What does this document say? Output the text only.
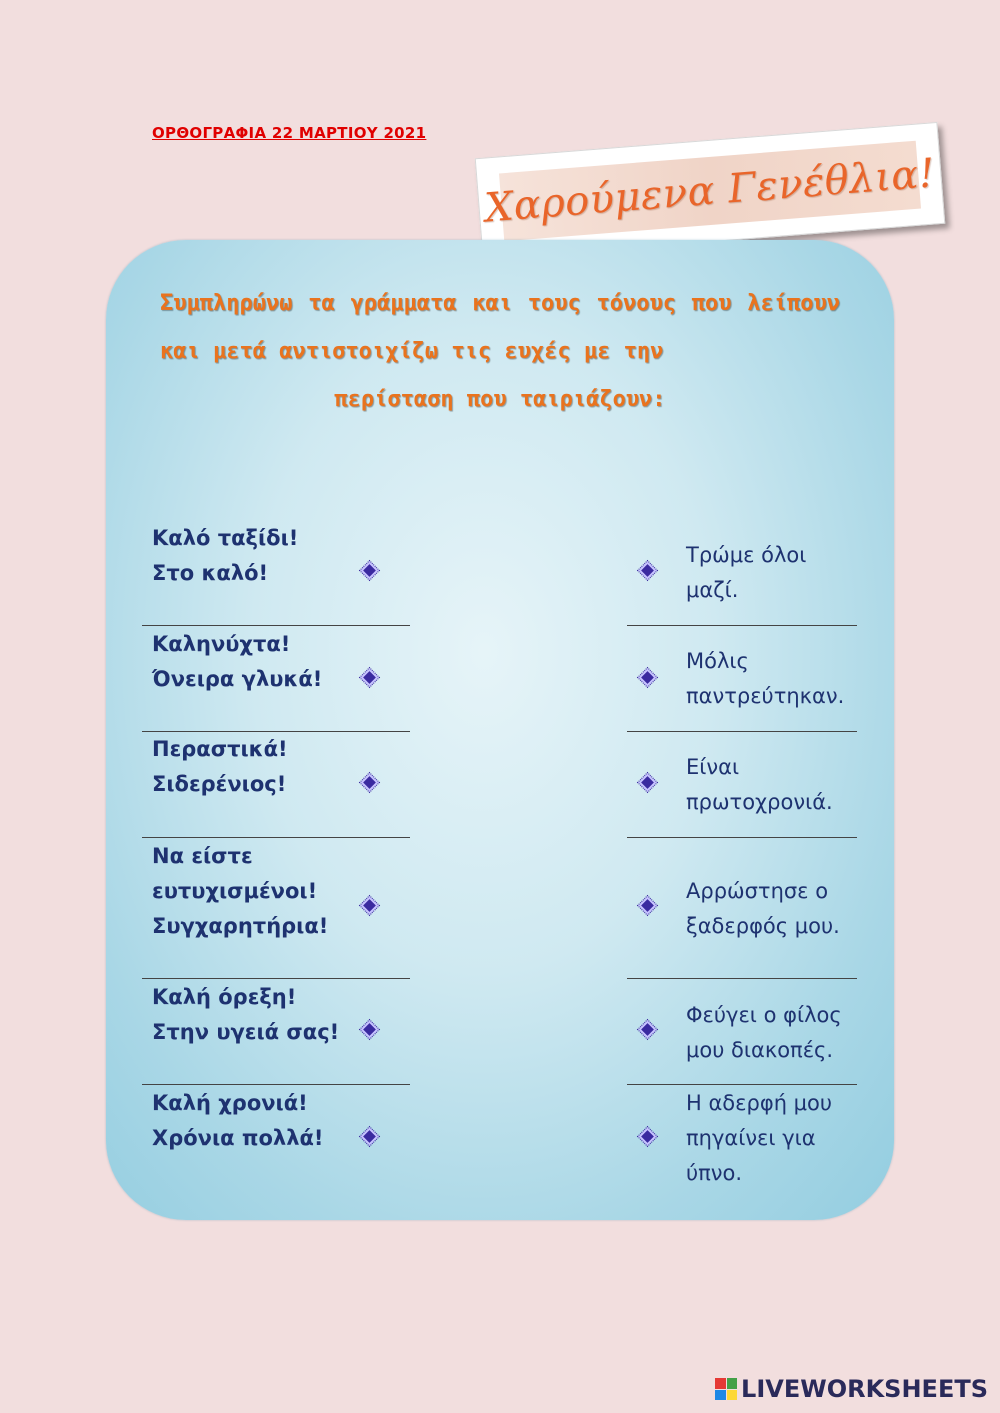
ΟΡΘΟΓΡΑΦΙΑ 22 ΜΑΡΤΙΟΥ 2021
Χαρούμενα Γενέθλια!
Συμπληρώνω τα γράμματα και τους τόνους που λείπουν και μετά αντιστοιχίζω τις ευχές με την
περίσταση που ταιριάζουν:
Καλό ταξίδι!
Στο καλό!
Τρώμε όλοι
μαζί.
Καληνύχτα!
Όνειρα γλυκά!
Μόλις
παντρεύτηκαν.
Περαστικά!
Σιδερένιος!
Είναι
πρωτοχρονιά.
Να είστε
ευτυχισμένοι!
Συγχαρητήρια!
Αρρώστησε ο
ξαδερφός μου.
Καλή όρεξη!
Στην υγειά σας!
Φεύγει ο φίλος
μου διακοπές.
Καλή χρονιά!
Χρόνια πολλά!
Η αδερφή μου
πηγαίνει για
ύπνο.
LIVEWORKSHEETS
